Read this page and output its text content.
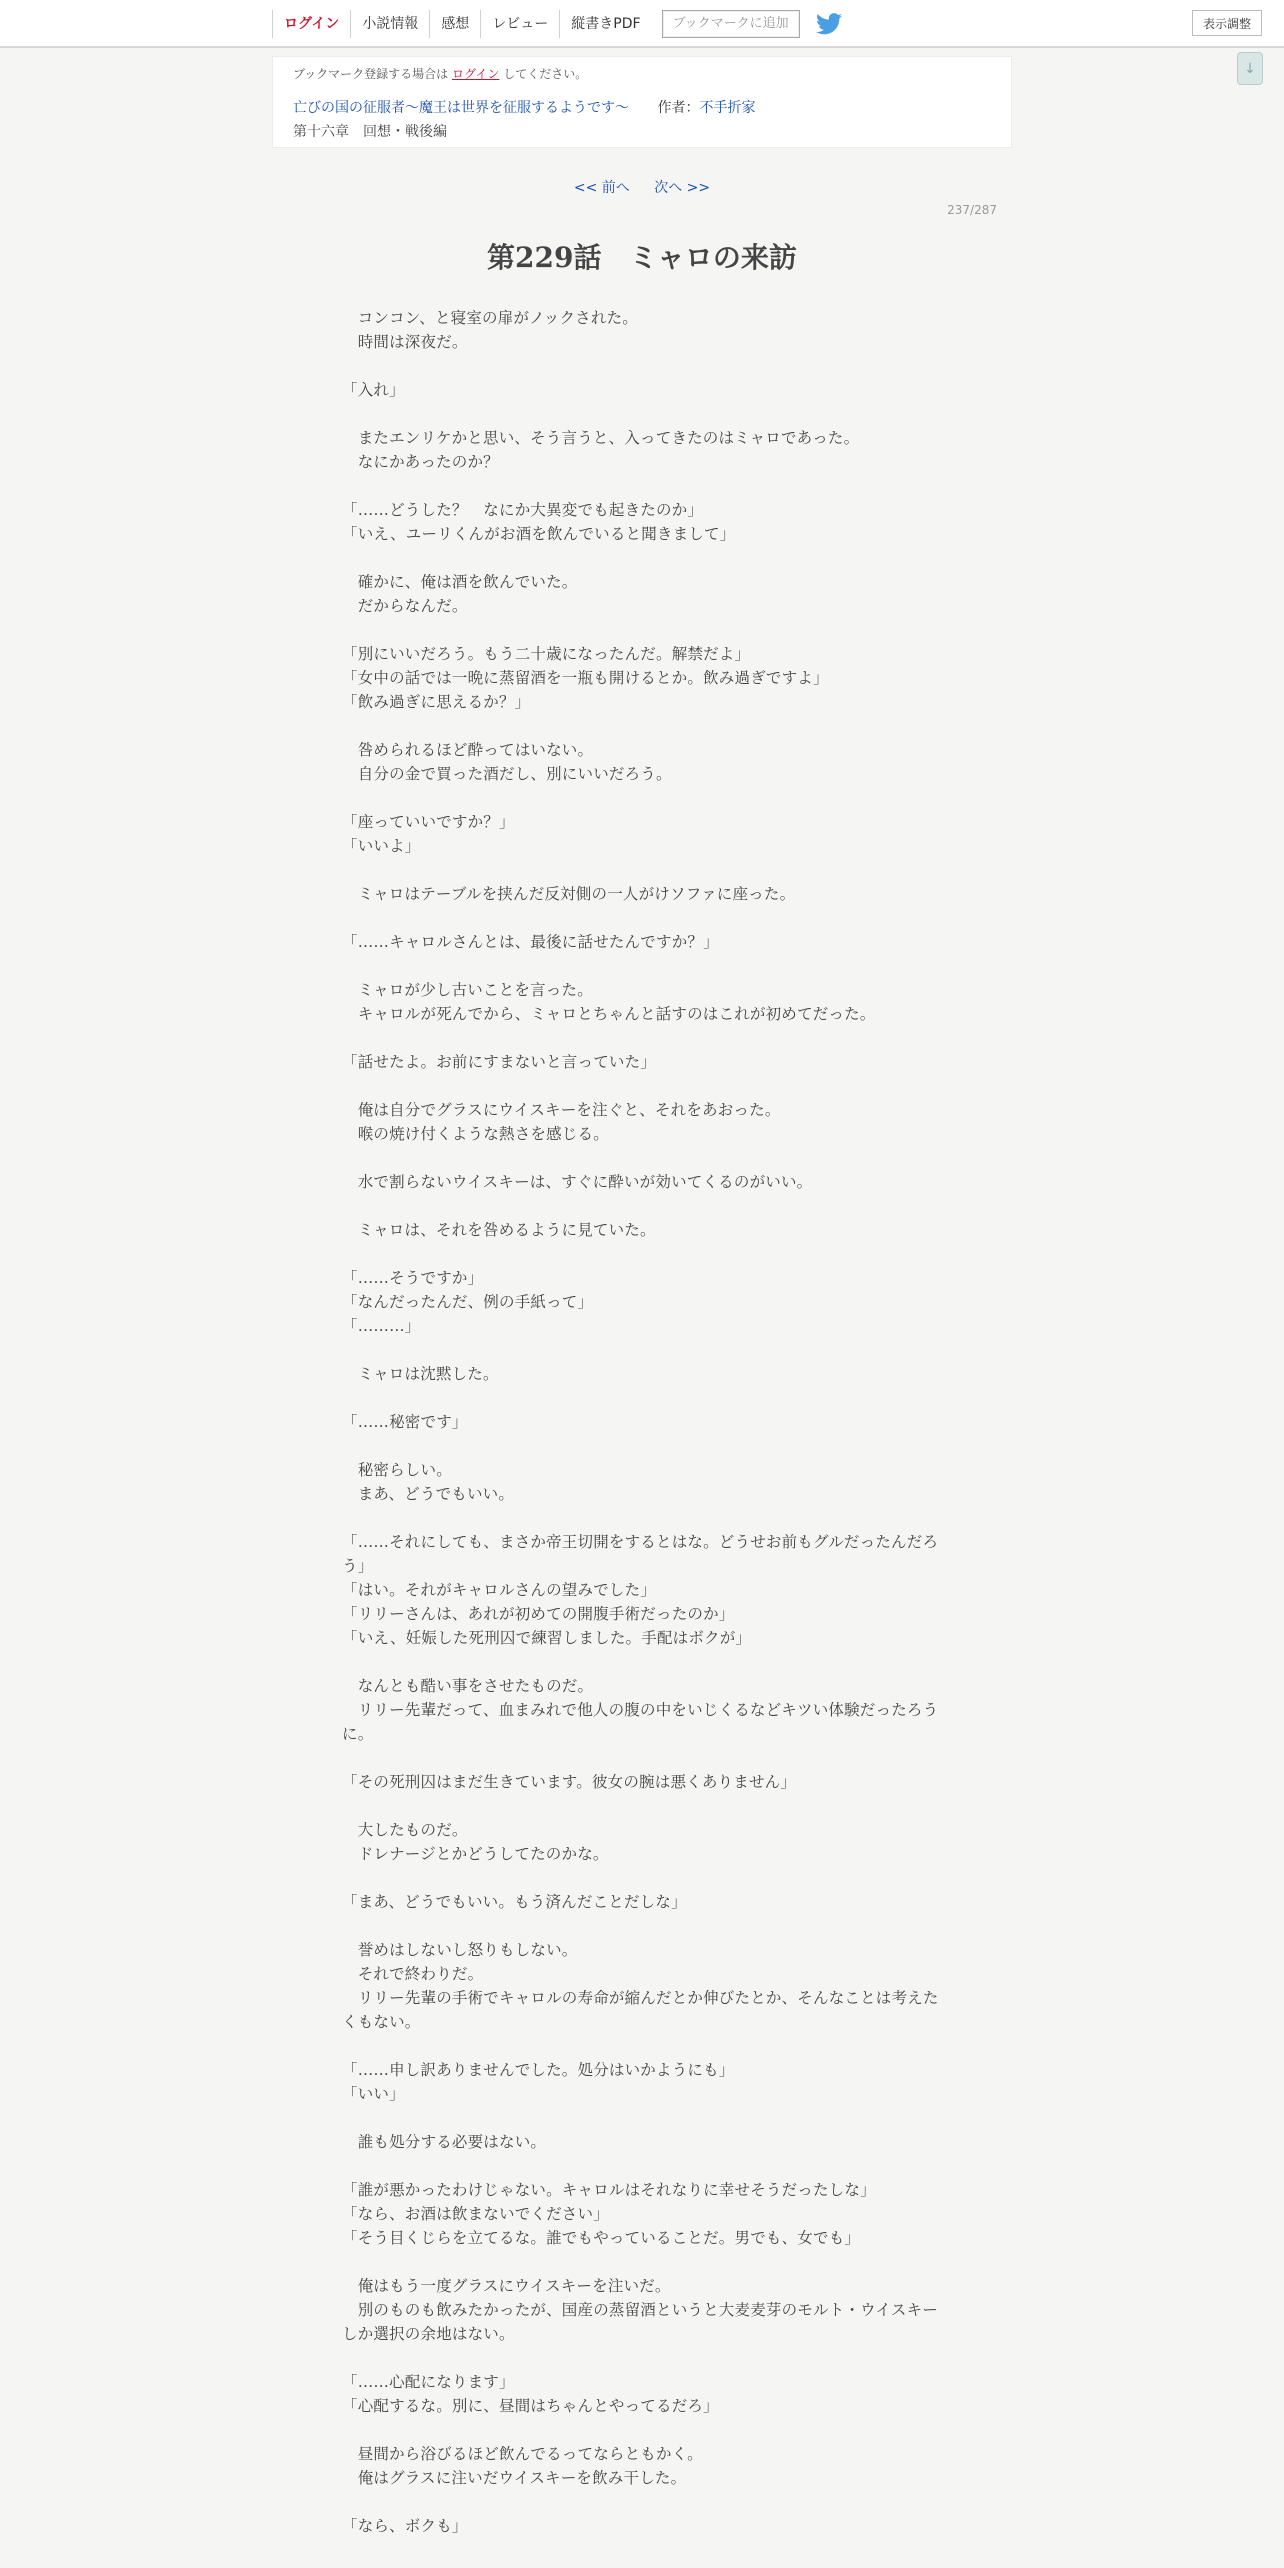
ログイン	小説情報	感想	レビュー	縦書きPDF	ブックマークに追加	表示調整
↓
ブックマーク登録する場合は ログイン してください。
亡びの国の征服者～魔王は世界を征服するようです～ 作者：不手折家
第十六章　回想・戦後編
<< 前へ 次へ >>
237/287
第229話　ミャロの来訪
　コンコン、と寝室の扉がノックされた。
　時間は深夜だ。
「入れ」
　またエンリケかと思い、そう言うと、入ってきたのはミャロであった。
　なにかあったのか？
「……どうした？　なにか大異変でも起きたのか」
「いえ、ユーリくんがお酒を飲んでいると聞きまして」
　確かに、俺は酒を飲んでいた。
　だからなんだ。
「別にいいだろう。もう二十歳になったんだ。解禁だよ」
「女中の話では一晩に蒸留酒を一瓶も開けるとか。飲み過ぎですよ」
「飲み過ぎに思えるか？」
　咎められるほど酔ってはいない。
　自分の金で買った酒だし、別にいいだろう。
「座っていいですか？」
「いいよ」
　ミャロはテーブルを挟んだ反対側の一人がけソファに座った。
「……キャロルさんとは、最後に話せたんですか？」
　ミャロが少し古いことを言った。
　キャロルが死んでから、ミャロとちゃんと話すのはこれが初めてだった。
「話せたよ。お前にすまないと言っていた」
　俺は自分でグラスにウイスキーを注ぐと、それをあおった。
　喉の焼け付くような熱さを感じる。
　水で割らないウイスキーは、すぐに酔いが効いてくるのがいい。
　ミャロは、それを咎めるように見ていた。
「……そうですか」
「なんだったんだ、例の手紙って」
「………」
　ミャロは沈黙した。
「……秘密です」
　秘密らしい。
　まあ、どうでもいい。
「……それにしても、まさか帝王切開をするとはな。どうせお前もグルだったんだろう」
「はい。それがキャロルさんの望みでした」
「リリーさんは、あれが初めての開腹手術だったのか」
「いえ、妊娠した死刑囚で練習しました。手配はボクが」
　なんとも酷い事をさせたものだ。
　リリー先輩だって、血まみれで他人の腹の中をいじくるなどキツい体験だったろうに。
「その死刑囚はまだ生きています。彼女の腕は悪くありません」
　大したものだ。
　ドレナージとかどうしてたのかな。
「まあ、どうでもいい。もう済んだことだしな」
　誉めはしないし怒りもしない。
　それで終わりだ。
　リリー先輩の手術でキャロルの寿命が縮んだとか伸びたとか、そんなことは考えたくもない。
「……申し訳ありませんでした。処分はいかようにも」
「いい」
　誰も処分する必要はない。
「誰が悪かったわけじゃない。キャロルはそれなりに幸せそうだったしな」
「なら、お酒は飲まないでください」
「そう目くじらを立てるな。誰でもやっていることだ。男でも、女でも」
　俺はもう一度グラスにウイスキーを注いだ。
　別のものも飲みたかったが、国産の蒸留酒というと大麦麦芽のモルト・ウイスキーしか選択の余地はない。
「……心配になります」
「心配するな。別に、昼間はちゃんとやってるだろ」
　昼間から浴びるほど飲んでるってならともかく。
　俺はグラスに注いだウイスキーを飲み干した。
「なら、ボクも」
